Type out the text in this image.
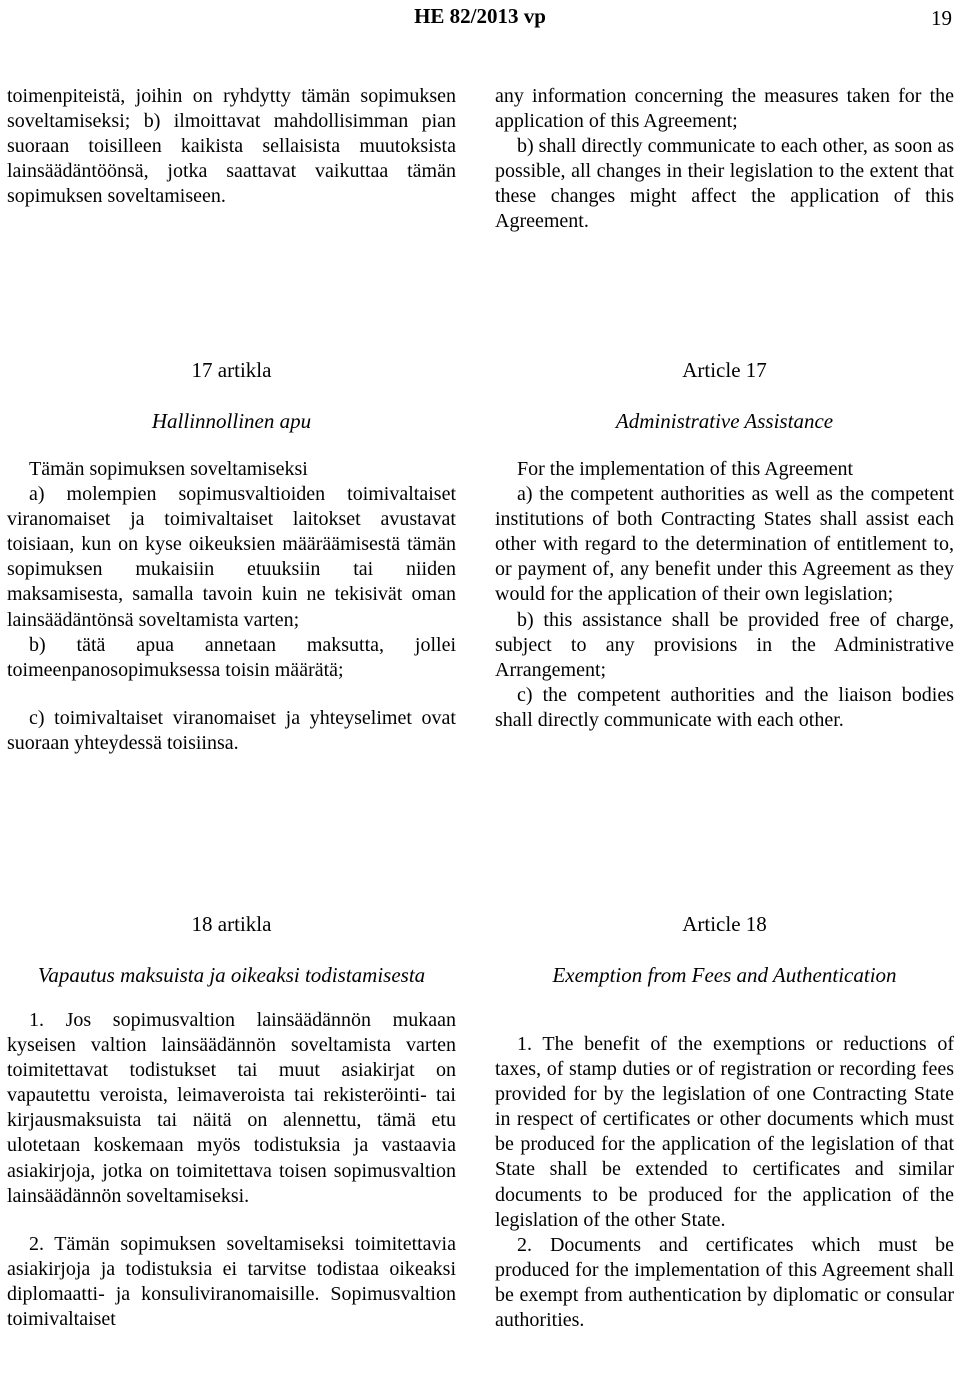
HE 82/2013 vp	19

toimenpiteistä, joihin on ryhdytty tämän sopimuksen soveltamiseksi; b) ilmoittavat mahdollisimman pian suoraan toisilleen kaikista sellaisista muutoksista lainsäädäntöönsä, jotka saattavat vaikuttaa tämän sopimuksen soveltamiseen.

any information concerning the measures taken for the application of this Agreement;

b) shall directly communicate to each other, as soon as possible, all changes in their legislation to the extent that these changes might affect the application of this Agreement.

17 artikla

Hallinnollinen apu

Tämän sopimuksen soveltamiseksi

a) molempien sopimusvaltioiden toimivaltaiset viranomaiset ja toimivaltaiset laitokset avustavat toisiaan, kun on kyse oikeuksien määräämisestä tämän sopimuksen mukaisiin etuuksiin tai niiden maksamisesta, samalla tavoin kuin ne tekisivät oman lainsäädäntönsä soveltamista varten;

b) tätä apua annetaan maksutta, jollei toimeenpanosopimuksessa toisin määrätä;

c) toimivaltaiset viranomaiset ja yhteyselimet ovat suoraan yhteydessä toisiinsa.

Article 17

Administrative Assistance

For the implementation of this Agreement

a) the competent authorities as well as the competent institutions of both Contracting States shall assist each other with regard to the determination of entitlement to, or payment of, any benefit under this Agreement as they would for the application of their own legislation;

b) this assistance shall be provided free of charge, subject to any provisions in the Administrative Arrangement;

c) the competent authorities and the liaison bodies shall directly communicate with each other.

18 artikla

Vapautus maksuista ja oikeaksi todistamisesta

1. Jos sopimusvaltion lainsäädännön mukaan kyseisen valtion lainsäädännön soveltamista varten toimitettavat todistukset tai muut asiakirjat on vapautettu veroista, leimaveroista tai rekisteröinti- tai kirjausmaksuista tai näitä on alennettu, tämä etu ulotetaan koskemaan myös todistuksia ja vastaavia asiakirjoja, jotka on toimitettava toisen sopimusvaltion lainsäädännön soveltamiseksi.

2. Tämän sopimuksen soveltamiseksi toimitettavia asiakirjoja ja todistuksia ei tarvitse todistaa oikeaksi diplomaatti- ja konsuliviranomaisille. Sopimusvaltion toimivaltaiset

Article 18

Exemption from Fees and Authentication

1. The benefit of the exemptions or reductions of taxes, of stamp duties or of registration or recording fees provided for by the legislation of one Contracting State in respect of certificates or other documents which must be produced for the application of the legislation of that State shall be extended to certificates and similar documents to be produced for the application of the legislation of the other State.

2. Documents and certificates which must be produced for the implementation of this Agreement shall be exempt from authentication by diplomatic or consular authorities.
